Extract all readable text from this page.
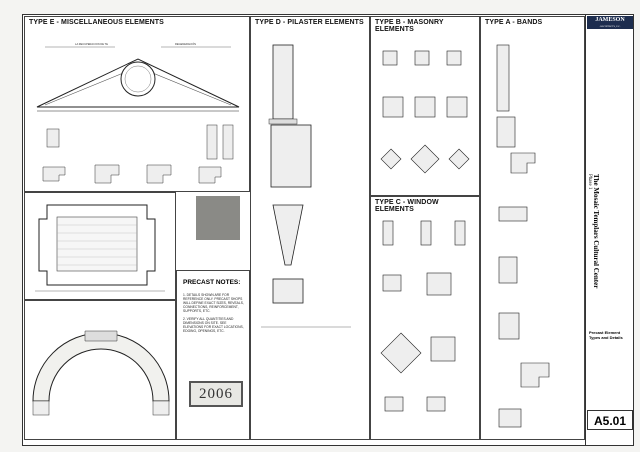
TYPE E - MISCELLANEOUS ELEMENTS
LA RECUPERACION DE TE	REGENERACIÓN
PRECAST NOTES:
1. DETAILS SHOWN ARE FOR REFERENCE ONLY. PRECAST SHOPS WILL DEFINE EXACT SIZES, REVEALS, CONNECTIONS, REINFORCEMENT, SUPPORTS, ETC.
2. VERIFY ALL QUANTITIES AND DIMENSIONS ON SITE. SEE ELEVATIONS FOR EXACT LOCATIONS, EDGING, OPENINGS, ETC.
2006
TYPE D - PILASTER ELEMENTS TYPE B - MASONRY ELEMENTS
TYPE C - WINDOW ELEMENTS
TYPE A - BANDS	JAMESON
ARCHITECTS, P.C.
The Mosaic Templars Cultural Center
Phase 1
Precast Element Types and Details
A5.01
